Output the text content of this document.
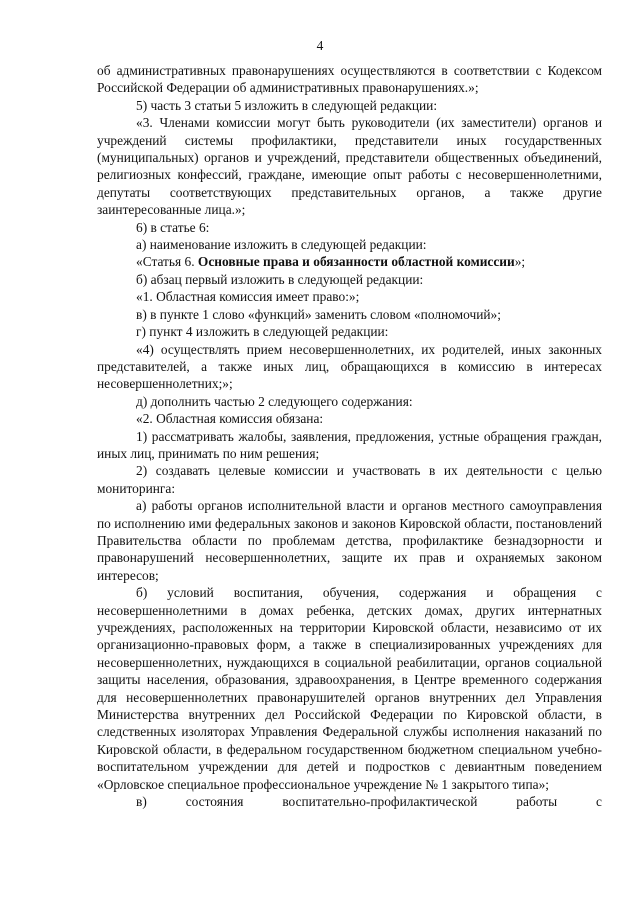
4

об административных правонарушениях осуществляются в соответствии с Кодексом Российской Федерации об административных правонарушениях.»;

5) часть 3 статьи 5 изложить в следующей редакции:

«3. Членами комиссии могут быть руководители (их заместители) органов и учреждений системы профилактики, представители иных государственных (муниципальных) органов и учреждений, представители общественных объединений, религиозных конфессий, граждане, имеющие опыт работы с несовершеннолетними, депутаты соответствующих представительных органов, а также другие заинтересованные лица.»;

6) в статье 6:

а) наименование изложить в следующей редакции:

«Статья 6. Основные права и обязанности областной комиссии»;

б) абзац первый изложить в следующей редакции:

«1. Областная комиссия имеет право:»;

в) в пункте 1 слово «функций» заменить словом «полномочий»;

г) пункт 4 изложить в следующей редакции:

«4) осуществлять прием несовершеннолетних, их родителей, иных законных представителей, а также иных лиц, обращающихся в комиссию в интересах несовершеннолетних;»;

д) дополнить частью 2 следующего содержания:

«2. Областная комиссия обязана:

1) рассматривать жалобы, заявления, предложения, устные обращения граждан, иных лиц, принимать по ним решения;

2) создавать целевые комиссии и участвовать в их деятельности с целью мониторинга:

а) работы органов исполнительной власти и органов местного самоуправления по исполнению ими федеральных законов и законов Кировской области, постановлений Правительства области по проблемам детства, профилактике безнадзорности и правонарушений несовершеннолетних, защите их прав и охраняемых законом интересов;

б) условий воспитания, обучения, содержания и обращения с несовершеннолетними в домах ребенка, детских домах, других интернатных учреждениях, расположенных на территории Кировской области, независимо от их организационно-правовых форм, а также в специализированных учреждениях для несовершеннолетних, нуждающихся в социальной реабилитации, органов социальной защиты населения, образования, здравоохранения, в Центре временного содержания для несовершеннолетних правонарушителей органов внутренних дел Управления Министерства внутренних дел Российской Федерации по Кировской области, в следственных изоляторах Управления Федеральной службы исполнения наказаний по Кировской области, в федеральном государственном бюджетном специальном учебно-воспитательном учреждении для детей и подростков с девиантным поведением «Орловское специальное профессиональное учреждение № 1 закрытого типа»;

в) состояния воспитательно-профилактической работы с
